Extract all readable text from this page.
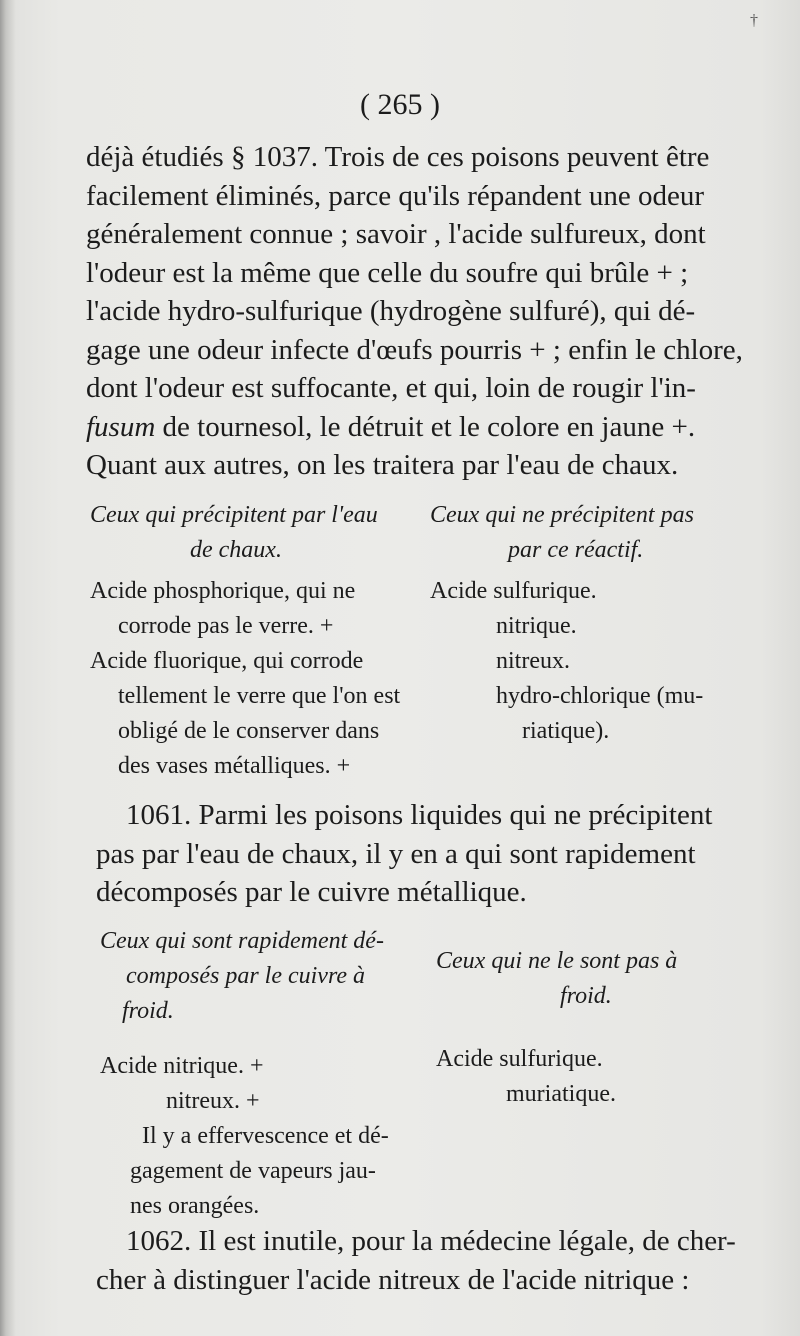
†
( 265 )
déjà étudiés § 1037. Trois de ces poisons peuvent être
facilement éliminés, parce qu'ils répandent une odeur
généralement connue ; savoir , l'acide sulfureux, dont
l'odeur est la même que celle du soufre qui brûle + ;
l'acide hydro-sulfurique (hydrogène sulfuré), qui dé-
gage une odeur infecte d'œufs pourris + ; enfin le chlore,
dont l'odeur est suffocante, et qui, loin de rougir l'in-
fusum de tournesol, le détruit et le colore en jaune +.
Quant aux autres, on les traitera par l'eau de chaux.
Ceux qui précipitent par l'eau
de chaux.
Acide phosphorique, qui ne
corrode pas le verre. +
Acide fluorique, qui corrode
tellement le verre que l'on est
obligé de le conserver dans
des vases métalliques. +
Ceux qui ne précipitent pas
par ce réactif.
Acide sulfurique.
nitrique.
nitreux.
hydro-chlorique (mu-
riatique).
1061. Parmi les poisons liquides qui ne précipitent
pas par l'eau de chaux, il y en a qui sont rapidement
décomposés par le cuivre métallique.
Ceux qui sont rapidement dé-
composés par le cuivre à
froid.
Acide nitrique. +
nitreux. +
Il y a effervescence et dé-
gagement de vapeurs jau-
nes orangées.
Ceux qui ne le sont pas à
froid.
Acide sulfurique.
muriatique.
1062. Il est inutile, pour la médecine légale, de cher-
cher à distinguer l'acide nitreux de l'acide nitrique :
